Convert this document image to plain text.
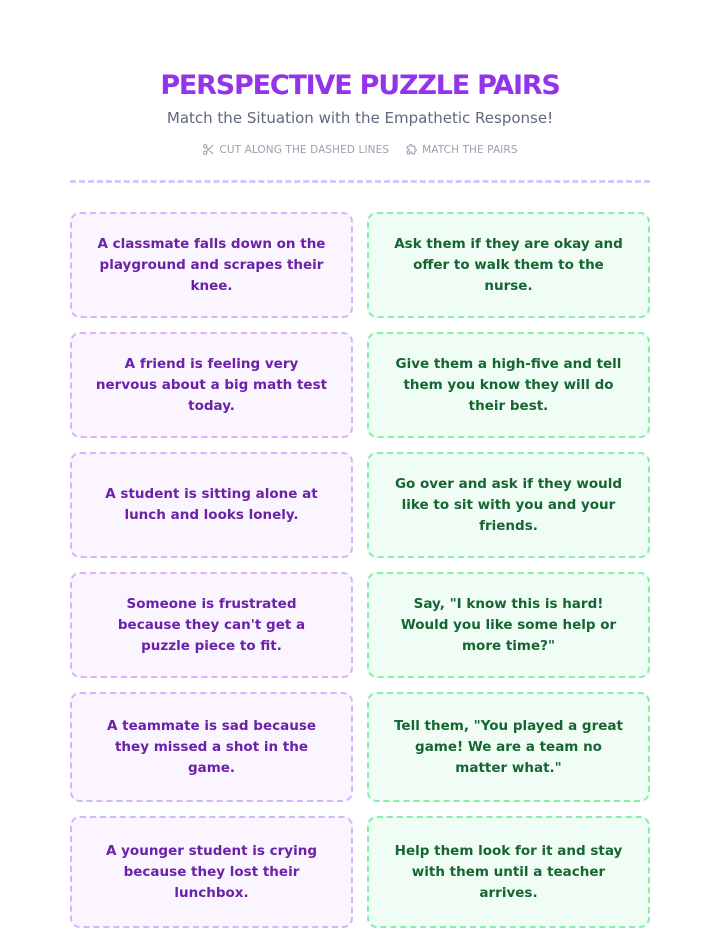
PERSPECTIVE PUZZLE PAIRS
Match the Situation with the Empathetic Response!
CUT ALONG THE DASHED LINES	MATCH THE PAIRS
A classmate falls down on the playground and scrapes their knee.
Ask them if they are okay and offer to walk them to the nurse.
A friend is feeling very nervous about a big math test today.
Give them a high-five and tell them you know they will do their best.
A student is sitting alone at lunch and looks lonely.
Go over and ask if they would like to sit with you and your friends.
Someone is frustrated because they can't get a puzzle piece to fit.
Say, "I know this is hard! Would you like some help or more time?"
A teammate is sad because they missed a shot in the game.
Tell them, "You played a great game! We are a team no matter what."
A younger student is crying because they lost their lunchbox.
Help them look for it and stay with them until a teacher arrives.
